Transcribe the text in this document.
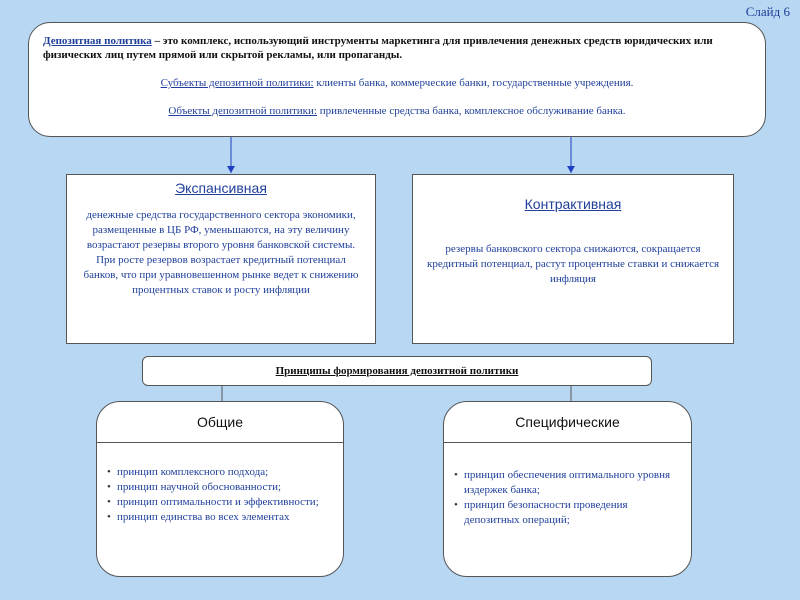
Слайд 6

Депозитная политика – это комплекс, использующий инструменты маркетинга для привлечения денежных средств юридических или физических лиц путем прямой или скрытой рекламы, или пропаганды.

Субъекты депозитной политики: клиенты банка, коммерческие банки, государственные учреждения.

Объекты депозитной политики: привлеченные средства банка, комплексное обслуживание банка.

Экспансивная
денежные средства государственного сектора экономики, размещенные в ЦБ РФ, уменьшаются, на эту величину возрастают резервы второго уровня банковской системы. При росте резервов возрастает кредитный потенциал банков, что при уравновешенном рынке ведет к снижению процентных ставок и росту инфляции
Контрактивная
резервы банковского сектора снижаются, сокращается кредитный потенциал, растут процентные ставки и снижается инфляция
Принципы формирования депозитной политики
Общие
• принцип комплексного подхода;
• принцип научной обоснованности;
• принцип оптимальности и эффективности;
• принцип единства во всех элементах
Специфические
• принцип обеспечения оптимального уровня издержек банка;
• принцип безопасности проведения депозитных операций;
